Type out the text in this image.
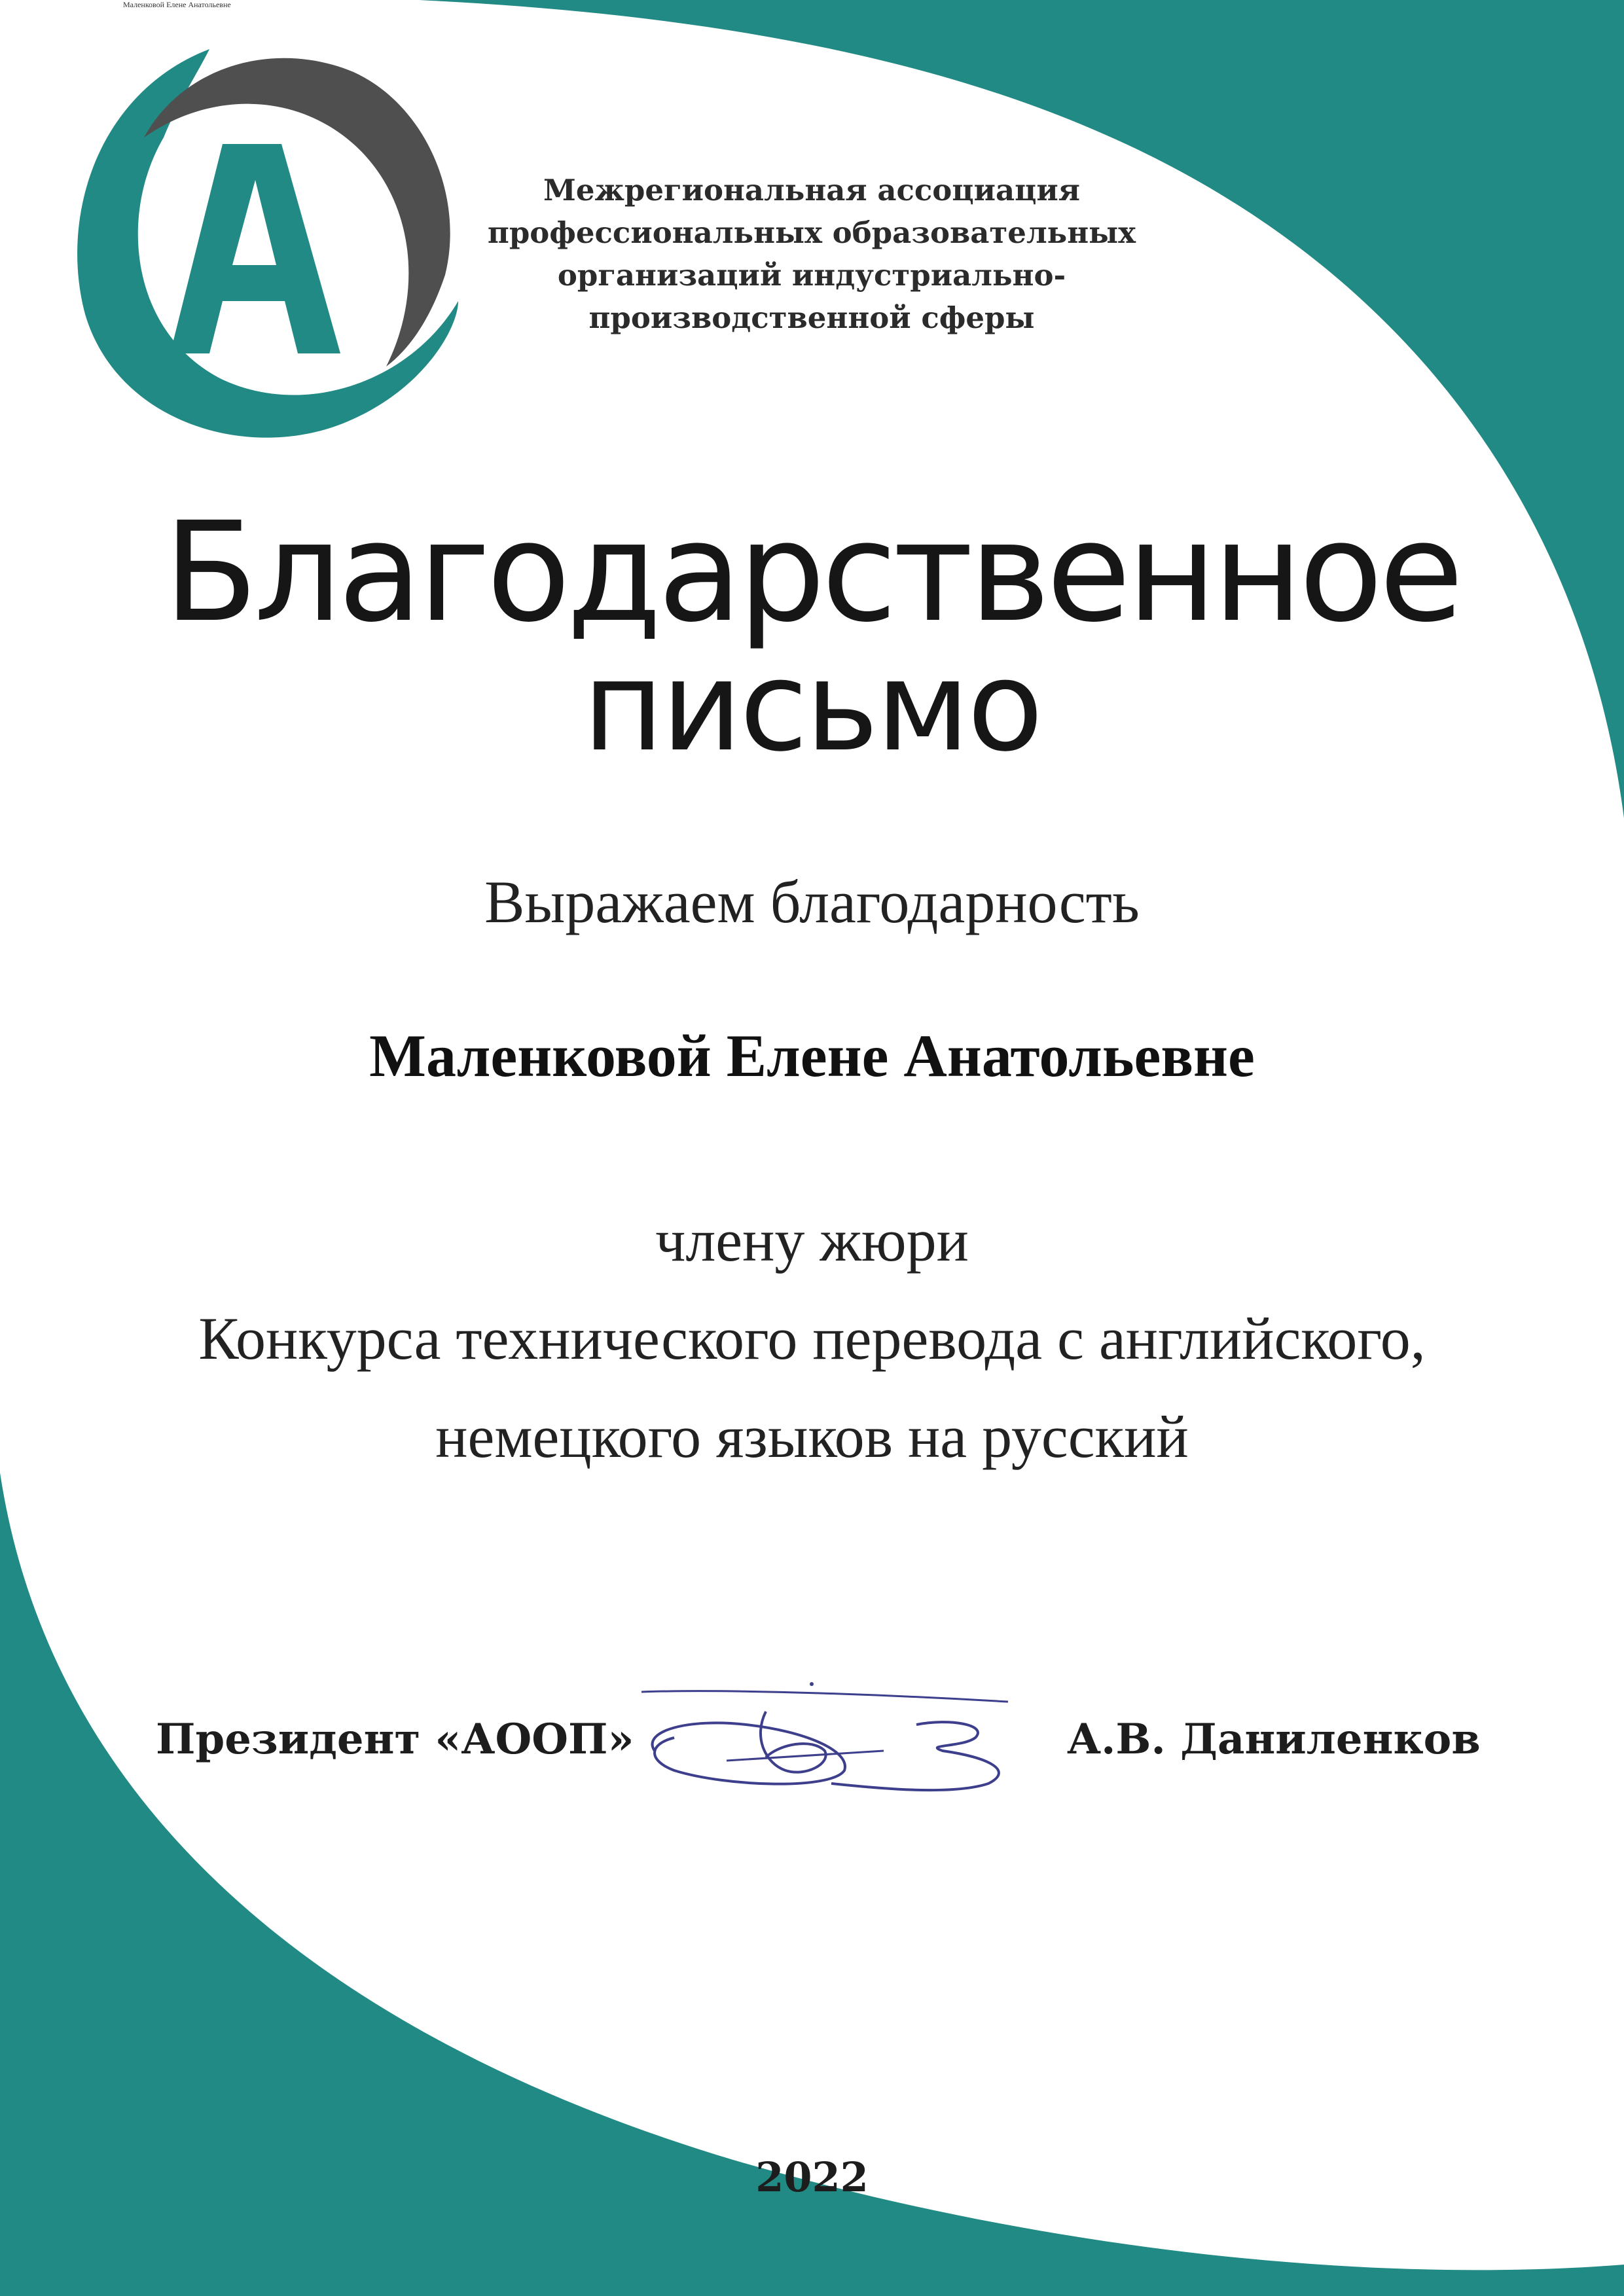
Маленковой Елене Анатольевне
Межрегиональная ассоциация
профессиональных образовательных
организаций индустриально-
производственной сферы
Благодарственное
письмо
Выражаем благодарность
Маленковой Елене Анатольевне
члену жюри
Конкурса технического перевода с английского,
немецкого языков на русский
Президент «АООП»	А.В. Даниленков
2022
